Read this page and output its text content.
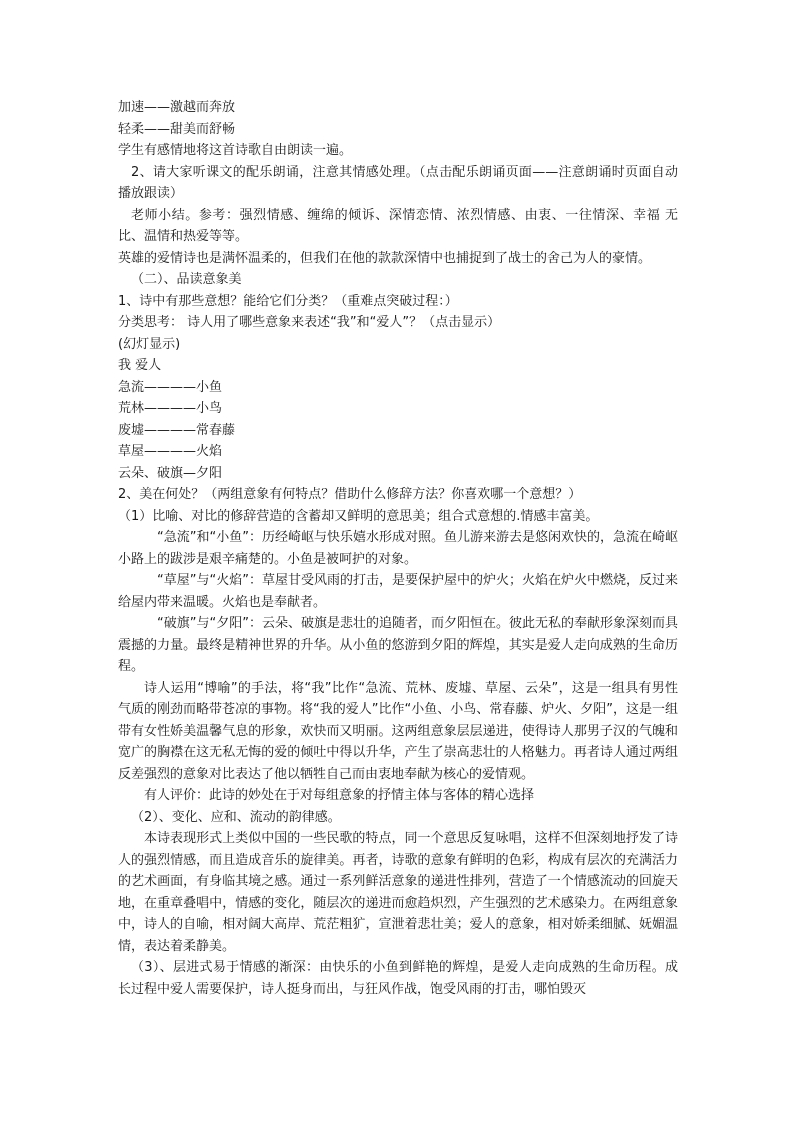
加速——激越而奔放

轻柔——甜美而舒畅

学生有感情地将这首诗歌自由朗读一遍。

2、请大家听课文的配乐朗诵，注意其情感处理。（点击配乐朗诵页面——注意朗诵时页面自动播放跟读）

老师小结。参考：强烈情感、缠绵的倾诉、深情恋情、浓烈情感、由衷、一往情深、幸福 无比、温情和热爱等等。

英雄的爱情诗也是满怀温柔的，但我们在他的款款深情中也捕捉到了战士的舍己为人的豪情。

（二）、品读意象美

1、诗中有那些意想？能给它们分类？（重难点突破过程：）

分类思考： 诗人用了哪些意象来表述“我”和“爱人”？（点击显示）

(幻灯显示)

我 爱人

急流————小鱼

荒林————小鸟

废墟————常春藤

草屋————火焰

云朵、破旗—夕阳

2、美在何处？（两组意象有何特点？借助什么修辞方法？你喜欢哪一个意想？）

（1）比喻、对比的修辞营造的含蓄却又鲜明的意思美；组合式意想的.情感丰富美。

“急流”和“小鱼”：历经崎岖与快乐嬉水形成对照。鱼儿游来游去是悠闲欢快的，急流在崎岖小路上的跋涉是艰辛痛楚的。小鱼是被呵护的对象。

“草屋”与“火焰”：草屋甘受风雨的打击，是要保护屋中的炉火；火焰在炉火中燃烧，反过来给屋内带来温暖。火焰也是奉献者。

“破旗”与“夕阳”：云朵、破旗是悲壮的追随者，而夕阳恒在。彼此无私的奉献形象深刻而具震撼的力量。最终是精神世界的升华。从小鱼的悠游到夕阳的辉煌，其实是爱人走向成熟的生命历程。

诗人运用“博喻”的手法，将“我”比作“急流、荒林、废墟、草屋、云朵”，这是一组具有男性气质的刚劲而略带苍凉的事物。将“我的爱人”比作“小鱼、小鸟、常春藤、炉火、夕阳”，这是一组带有女性娇美温馨气息的形象，欢快而又明丽。这两组意象层层递进，使得诗人那男子汉的气魄和宽广的胸襟在这无私无悔的爱的倾吐中得以升华，产生了崇高悲壮的人格魅力。再者诗人通过两组反差强烈的意象对比表达了他以牺牲自己而由衷地奉献为核心的爱情观。

有人评价：此诗的妙处在于对每组意象的抒情主体与客体的精心选择

（2）、变化、应和、流动的韵律感。

本诗表现形式上类似中国的一些民歌的特点，同一个意思反复咏唱，这样不但深刻地抒发了诗人的强烈情感，而且造成音乐的旋律美。再者，诗歌的意象有鲜明的色彩，构成有层次的充满活力的艺术画面，有身临其境之感。通过一系列鲜活意象的递进性排列，营造了一个情感流动的回旋天地，在重章叠唱中，情感的变化，随层次的递进而愈趋炽烈，产生强烈的艺术感染力。在两组意象中，诗人的自喻，相对阔大高岸、荒茫粗犷，宣泄着悲壮美；爱人的意象，相对娇柔细腻、妩媚温情，表达着柔静美。

（3）、层进式易于情感的渐深：由快乐的小鱼到鲜艳的辉煌，是爱人走向成熟的生命历程。成长过程中爱人需要保护，诗人挺身而出，与狂风作战，饱受风雨的打击，哪怕毁灭
